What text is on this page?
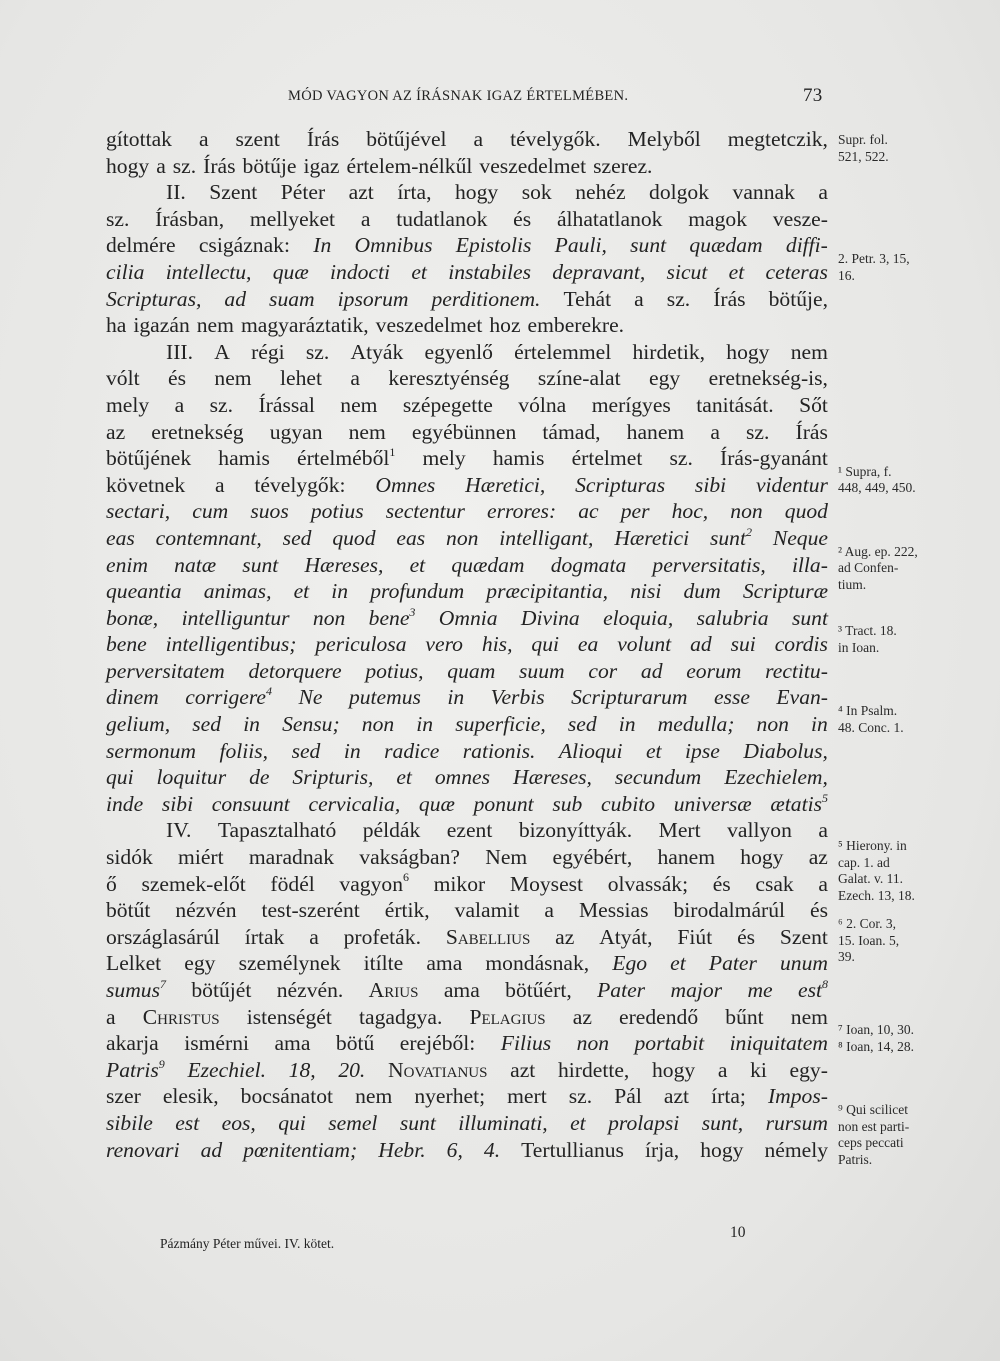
MÓD VAGYON AZ ÍRÁSNAK IGAZ ÉRTELMÉBEN.	73
gítottak a szent Írás bötűjével a tévelygők. Melyből megtetczik,
hogy a sz. Írás bötűje igaz értelem-nélkűl veszedelmet szerez.
II. Szent Péter azt írta, hogy sok nehéz dolgok vannak a
sz. Írásban, mellyeket a tudatlanok és álhatatlanok magok vesze-
delmére csigáznak: In Omnibus Epistolis Pauli, sunt quædam diffi-
cilia intellectu, quæ indocti et instabiles depravant, sicut et ceteras
Scripturas, ad suam ipsorum perditionem. Tehát a sz. Írás bötűje,
ha igazán nem magyaráztatik, veszedelmet hoz emberekre.
III. A régi sz. Atyák egyenlő értelemmel hirdetik, hogy nem
vólt és nem lehet a keresztyénség színe-alat egy eretnekség-is,
mely a sz. Írással nem szépegette vólna merígyes tanitását. Sőt
az eretnekség ugyan nem egyébünnen támad, hanem a sz. Írás
bötűjének hamis értelméből$^1$ mely hamis értelmet sz. Írás-gyanánt
követnek a tévelygők: Omnes Hæretici, Scripturas sibi videntur
sectari, cum suos potius sectentur errores: ac per hoc, non quod
eas contemnant, sed quod eas non intelligant, Hæretici sunt$^2$ Neque
enim natæ sunt Hæreses, et quædam dogmata perversitatis, illa-
queantia animas, et in profundum præcipitantia, nisi dum Scripturæ
bonæ, intelliguntur non bene$^3$ Omnia Divina eloquia, salubria sunt
bene intelligentibus; periculosa vero his, qui ea volunt ad sui cordis
perversitatem detorquere potius, quam suum cor ad eorum rectitu-
dinem corrigere$^4$ Ne putemus in Verbis Scripturarum esse Evan-
gelium, sed in Sensu; non in superficie, sed in medulla; non in
sermonum foliis, sed in radice rationis. Alioqui et ipse Diabolus,
qui loquitur de Sripturis, et omnes Hæreses, secundum Ezechielem,
inde sibi consuunt cervicalia, quæ ponunt sub cubito universæ ætatis$^5$
IV. Tapasztalható példák ezent bizonyíttyák. Mert vallyon a
sidók miért maradnak vakságban? Nem egyébért, hanem hogy az
ő szemek-előt födél vagyon$^6$ mikor Moysest olvassák; és csak a
bötűt nézvén test-szerént értik, valamit a Messias birodalmárúl és
országlasárúl írtak a profeták. Sabellius az Atyát, Fiút és Szent
Lelket egy személynek itílte ama mondásnak, Ego et Pater unum
sumus$^7$ bötűjét nézvén. Arius ama bötűért, Pater major me est$^8$
a Christus istenségét tagadgya. Pelagius az eredendő bűnt nem
akarja ismérni ama bötű erejéből: Filius non portabit iniquitatem
Patris$^9$ Ezechiel. 18, 20. Novatianus azt hirdette, hogy a ki egy-
szer elesik, bocsánatot nem nyerhet; mert sz. Pál azt írta; Impos-
sibile est eos, qui semel sunt illuminati, et prolapsi sunt, rursum
renovari ad pœnitentiam; Hebr. 6, 4. Tertullianus írja, hogy némely
Supr. fol.
521, 522.
2. Petr. 3, 15,
16.
¹ Supra, f.
448, 449, 450.
² Aug. ep. 222,
ad Confen-
tium.
³ Tract. 18.
in Ioan.
⁴ In Psalm.
48. Conc. 1.
⁵ Hierony. in
cap. 1. ad
Galat. v. 11.
Ezech. 13, 18.
⁶ 2. Cor. 3,
15. Ioan. 5,
39.
⁷ Ioan, 10, 30.
⁸ Ioan, 14, 28.
⁹ Qui scilicet
non est parti-
ceps peccati
Patris.
Pázmány Péter művei. IV. kötet.
10
